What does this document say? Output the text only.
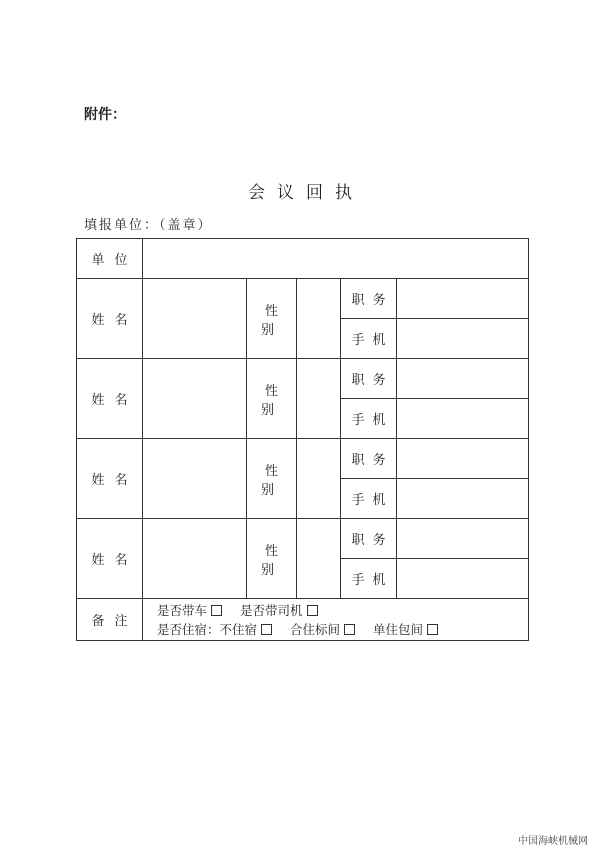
附件：
会议回执
填报单位：（盖章）
单位					
姓名		性别		职务	
				手机	
姓名		性别		职务	
				手机	
姓名		性别		职务	
				手机	
姓名		性别		职务	
				手机	
备注	是否带车 是否带司机
是否住宿：不住宿 合住标间 单住包间				
中国海峡机械网
